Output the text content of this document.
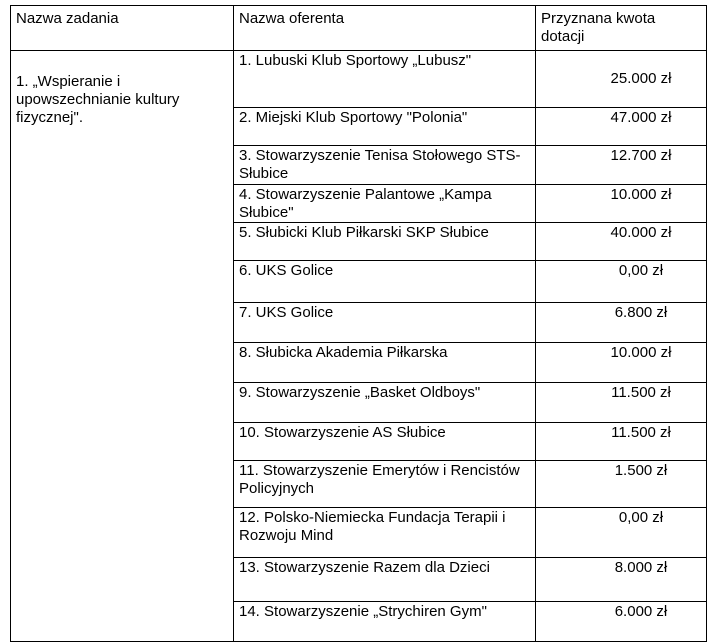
Nazwa zadania	Nazwa oferenta	Przyznana kwota dotacji
1. „Wspieranie i upowszechnianie kultury fizycznej".	1. Lubuski Klub Sportowy „Lubusz"	25.000 zł
	2. Miejski Klub Sportowy "Polonia"	47.000 zł
	3. Stowarzyszenie Tenisa Stołowego STS- Słubice	12.700 zł
	4. Stowarzyszenie Palantowe „Kampa Słubice"	10.000 zł
	5. Słubicki Klub Piłkarski SKP Słubice	40.000 zł
	6. UKS Golice	0,00 zł
	7. UKS Golice	6.800 zł
	8. Słubicka Akademia Piłkarska	10.000 zł
	9. Stowarzyszenie „Basket Oldboys"	11.500 zł
	10. Stowarzyszenie AS Słubice	11.500 zł
	11. Stowarzyszenie Emerytów i Rencistów Policyjnych	1.500 zł
	12. Polsko-Niemiecka Fundacja Terapii i Rozwoju Mind	0,00 zł
	13. Stowarzyszenie Razem dla Dzieci	8.000 zł
	14. Stowarzyszenie „Strychiren Gym"	6.000 zł
